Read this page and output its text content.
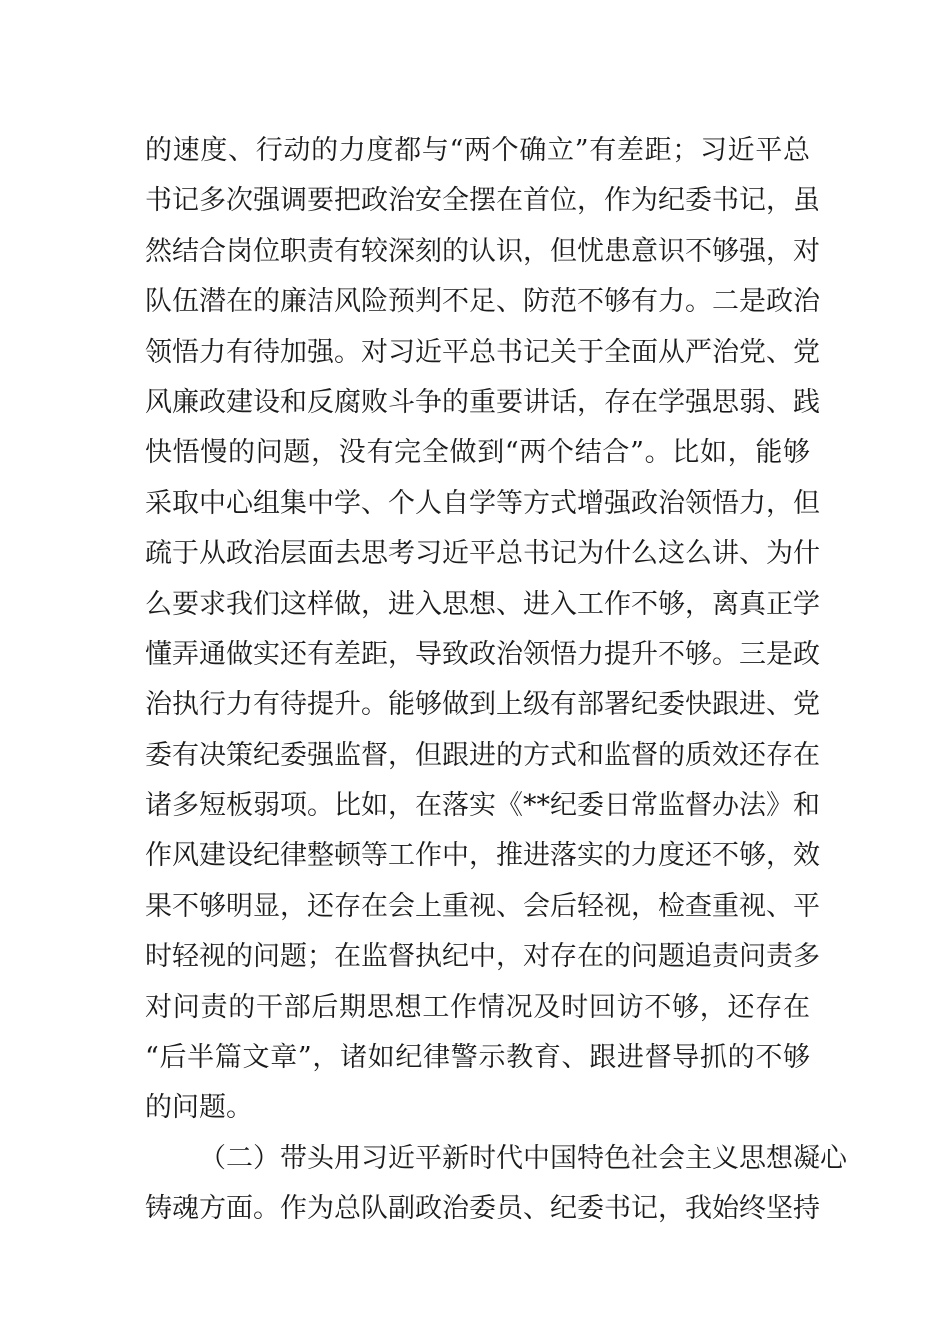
的速度、行动的力度都与“两个确立”有差距；习近平总
书记多次强调要把政治安全摆在首位，作为纪委书记，虽
然结合岗位职责有较深刻的认识，但忧患意识不够强，对
队伍潜在的廉洁风险预判不足、防范不够有力。二是政治
领悟力有待加强。对习近平总书记关于全面从严治党、党
风廉政建设和反腐败斗争的重要讲话，存在学强思弱、践
快悟慢的问题，没有完全做到“两个结合”。比如，能够
采取中心组集中学、个人自学等方式增强政治领悟力，但
疏于从政治层面去思考习近平总书记为什么这么讲、为什
么要求我们这样做，进入思想、进入工作不够，离真正学
懂弄通做实还有差距，导致政治领悟力提升不够。三是政
治执行力有待提升。能够做到上级有部署纪委快跟进、党
委有决策纪委强监督，但跟进的方式和监督的质效还存在
诸多短板弱项。比如，在落实《**纪委日常监督办法》和
作风建设纪律整顿等工作中，推进落实的力度还不够，效
果不够明显，还存在会上重视、会后轻视，检查重视、平
时轻视的问题；在监督执纪中，对存在的问题追责问责多
对问责的干部后期思想工作情况及时回访不够，还存在
“后半篇文章”，诸如纪律警示教育、跟进督导抓的不够
的问题。
（二）带头用习近平新时代中国特色社会主义思想凝心
铸魂方面。作为总队副政治委员、纪委书记，我始终坚持
